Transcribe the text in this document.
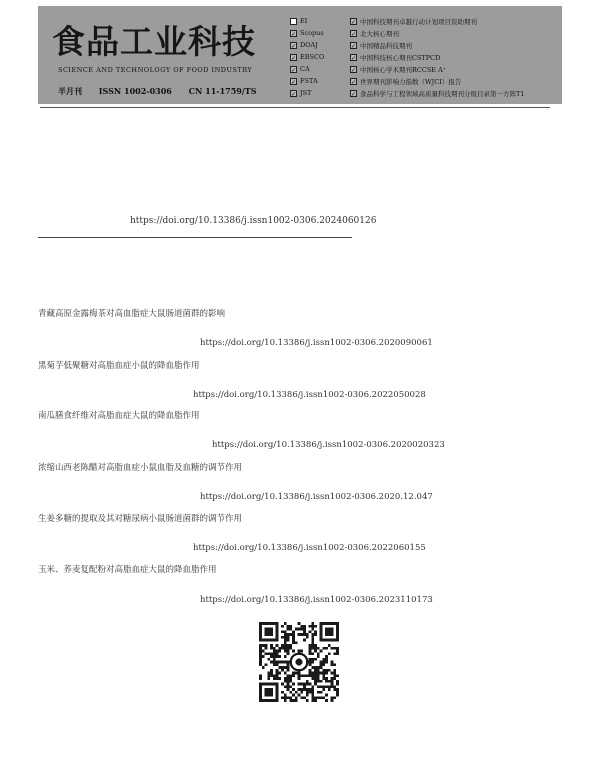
食品工业科技
SCIENCE AND TECHNOLOGY OF FOOD INDUSTRY
半月刊 ISSN 1002-0306 CN 11-1759/TS
EI
✓ Scopus
✓ DOAJ
✓ EBSCO
✓ CA
✓ FSTA
✓ JST
✓ 中国科技期刊卓越行动计划项目资助期刊
✓ 北大核心期刊
✓ 中国精品科技期刊
✓ 中国科技核心期刊CSTPCD
✓ 中国核心学术期刊RCCSE A⁺
✓ 世界期刊影响力指数（WJCI）报告
✓ 食品科学与工程领域高质量科技期刊分级目录第一方阵T1
https://doi.org/10.13386/j.issn1002-0306.2024060126
青藏高原金露梅茶对高血脂症大鼠肠道菌群的影响
https://doi.org/10.13386/j.issn1002-0306.2020090061
黑菊芋低聚糖对高脂血症小鼠的降血脂作用
https://doi.org/10.13386/j.issn1002-0306.2022050028
南瓜膳食纤维对高脂血症大鼠的降血脂作用
https://doi.org/10.13386/j.issn1002-0306.2020020323
浓缩山西老陈醋对高脂血症小鼠血脂及血糖的调节作用
https://doi.org/10.13386/j.issn1002-0306.2020.12.047
生姜多糖的提取及其对糖尿病小鼠肠道菌群的调节作用
https://doi.org/10.13386/j.issn1002-0306.2022060155
玉米、荞麦复配粉对高脂血症大鼠的降血脂作用
https://doi.org/10.13386/j.issn1002-0306.2023110173
